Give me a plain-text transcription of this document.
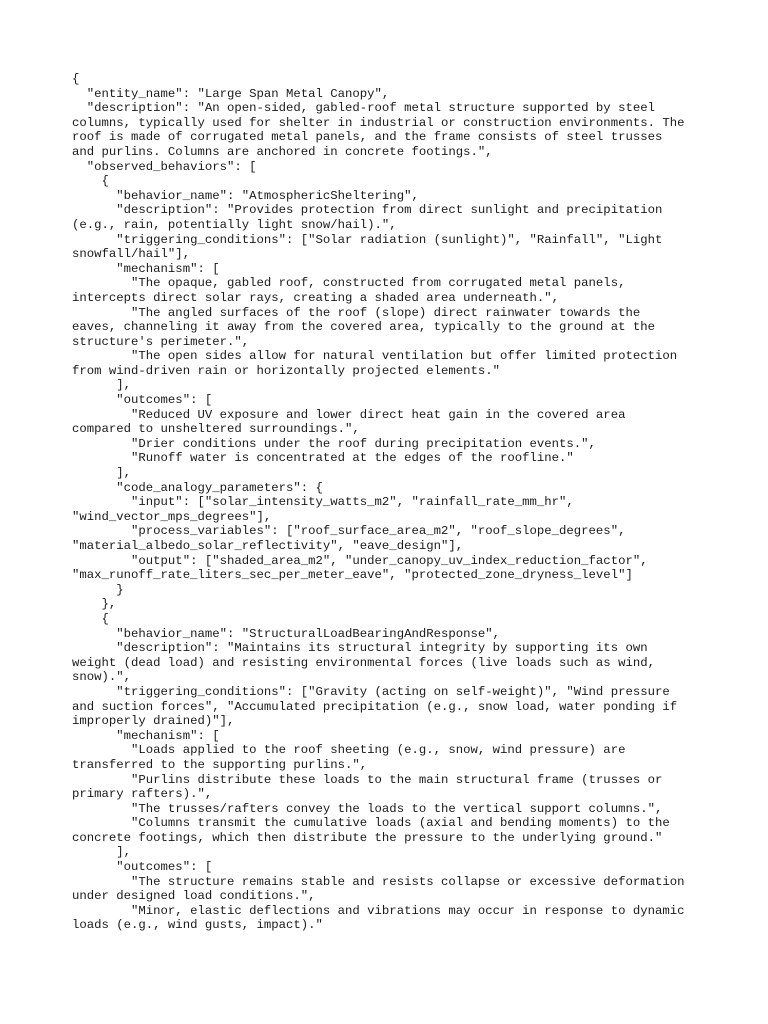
{

"entity_name": "Large Span Metal Canopy",

"description": "An open-sided, gabled-roof metal structure supported by steel

columns, typically used for shelter in industrial or construction environments. The

roof is made of corrugated metal panels, and the frame consists of steel trusses

and purlins. Columns are anchored in concrete footings.",

"observed_behaviors": [

{

"behavior_name": "AtmosphericSheltering",

"description": "Provides protection from direct sunlight and precipitation

(e.g., rain, potentially light snow/hail).",

"triggering_conditions": ["Solar radiation (sunlight)", "Rainfall", "Light

snowfall/hail"],

"mechanism": [

"The opaque, gabled roof, constructed from corrugated metal panels,

intercepts direct solar rays, creating a shaded area underneath.",

"The angled surfaces of the roof (slope) direct rainwater towards the

eaves, channeling it away from the covered area, typically to the ground at the

structure's perimeter.",

"The open sides allow for natural ventilation but offer limited protection

from wind-driven rain or horizontally projected elements."

],

"outcomes": [

"Reduced UV exposure and lower direct heat gain in the covered area

compared to unsheltered surroundings.",

"Drier conditions under the roof during precipitation events.",

"Runoff water is concentrated at the edges of the roofline."

],

"code_analogy_parameters": {

"input": ["solar_intensity_watts_m2", "rainfall_rate_mm_hr",

"wind_vector_mps_degrees"],

"process_variables": ["roof_surface_area_m2", "roof_slope_degrees",

"material_albedo_solar_reflectivity", "eave_design"],

"output": ["shaded_area_m2", "under_canopy_uv_index_reduction_factor",

"max_runoff_rate_liters_sec_per_meter_eave", "protected_zone_dryness_level"]

}

},

{

"behavior_name": "StructuralLoadBearingAndResponse",

"description": "Maintains its structural integrity by supporting its own

weight (dead load) and resisting environmental forces (live loads such as wind,

snow).",

"triggering_conditions": ["Gravity (acting on self-weight)", "Wind pressure

and suction forces", "Accumulated precipitation (e.g., snow load, water ponding if

improperly drained)"],

"mechanism": [

"Loads applied to the roof sheeting (e.g., snow, wind pressure) are

transferred to the supporting purlins.",

"Purlins distribute these loads to the main structural frame (trusses or

primary rafters).",

"The trusses/rafters convey the loads to the vertical support columns.",

"Columns transmit the cumulative loads (axial and bending moments) to the

concrete footings, which then distribute the pressure to the underlying ground."

],

"outcomes": [

"The structure remains stable and resists collapse or excessive deformation

under designed load conditions.",

"Minor, elastic deflections and vibrations may occur in response to dynamic

loads (e.g., wind gusts, impact)."
